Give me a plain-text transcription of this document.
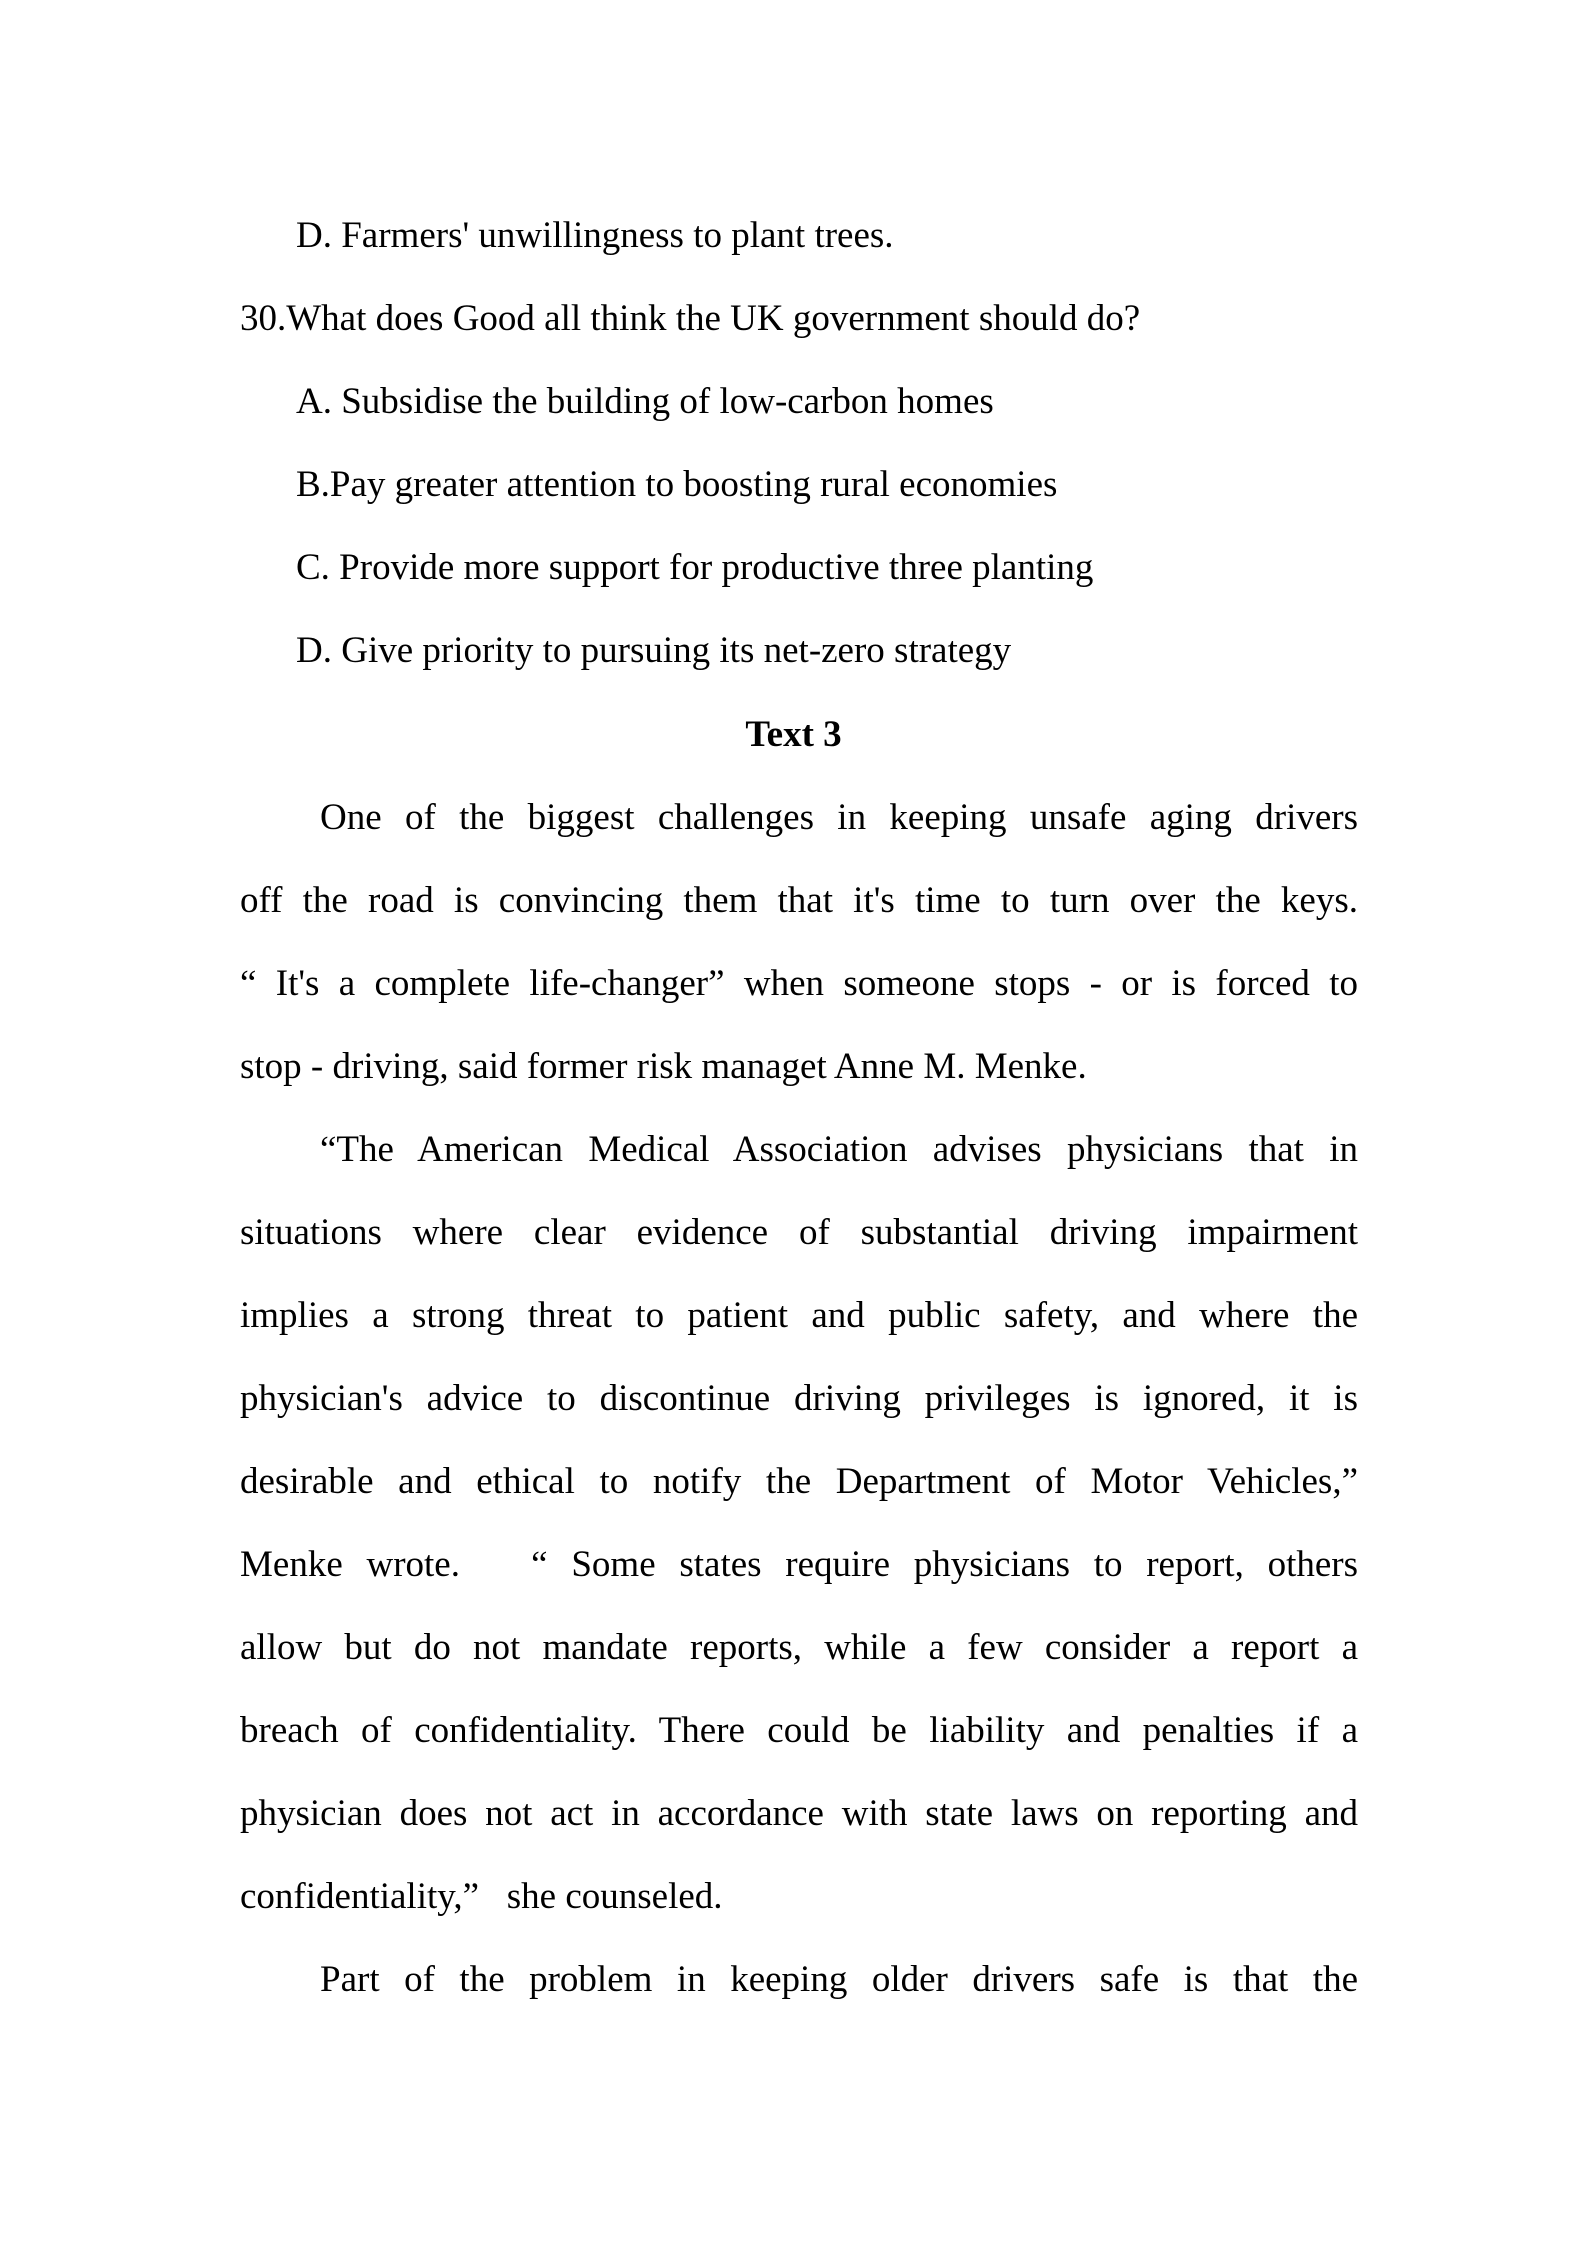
D. Farmers' unwillingness to plant trees.
30.What does Good all think the UK government should do?
A. Subsidise the building of low-carbon homes
B.Pay greater attention to boosting rural economies
C. Provide more support for productive three planting
D. Give priority to pursuing its net-zero strategy
Text 3
One of the biggest challenges in keeping unsafe aging drivers
off the road is convincing them that it's time to turn over the keys.
“ It's a complete life-changer” when someone stops - or is forced to
stop - driving, said former risk managet Anne M. Menke.
“The American Medical Association advises physicians that in
situations where clear evidence of substantial driving impairment
implies a strong threat to patient and public safety, and where the
physician's advice to discontinue driving privileges is ignored, it is
desirable and ethical to notify the Department of Motor Vehicles,”
Menke wrote.   “ Some states require physicians to report, others
allow but do not mandate reports, while a few consider a report a
breach of confidentiality. There could be liability and penalties if a
physician does not act in accordance with state laws on reporting and
confidentiality,”   she counseled.
Part of the problem in keeping older drivers safe is that the
